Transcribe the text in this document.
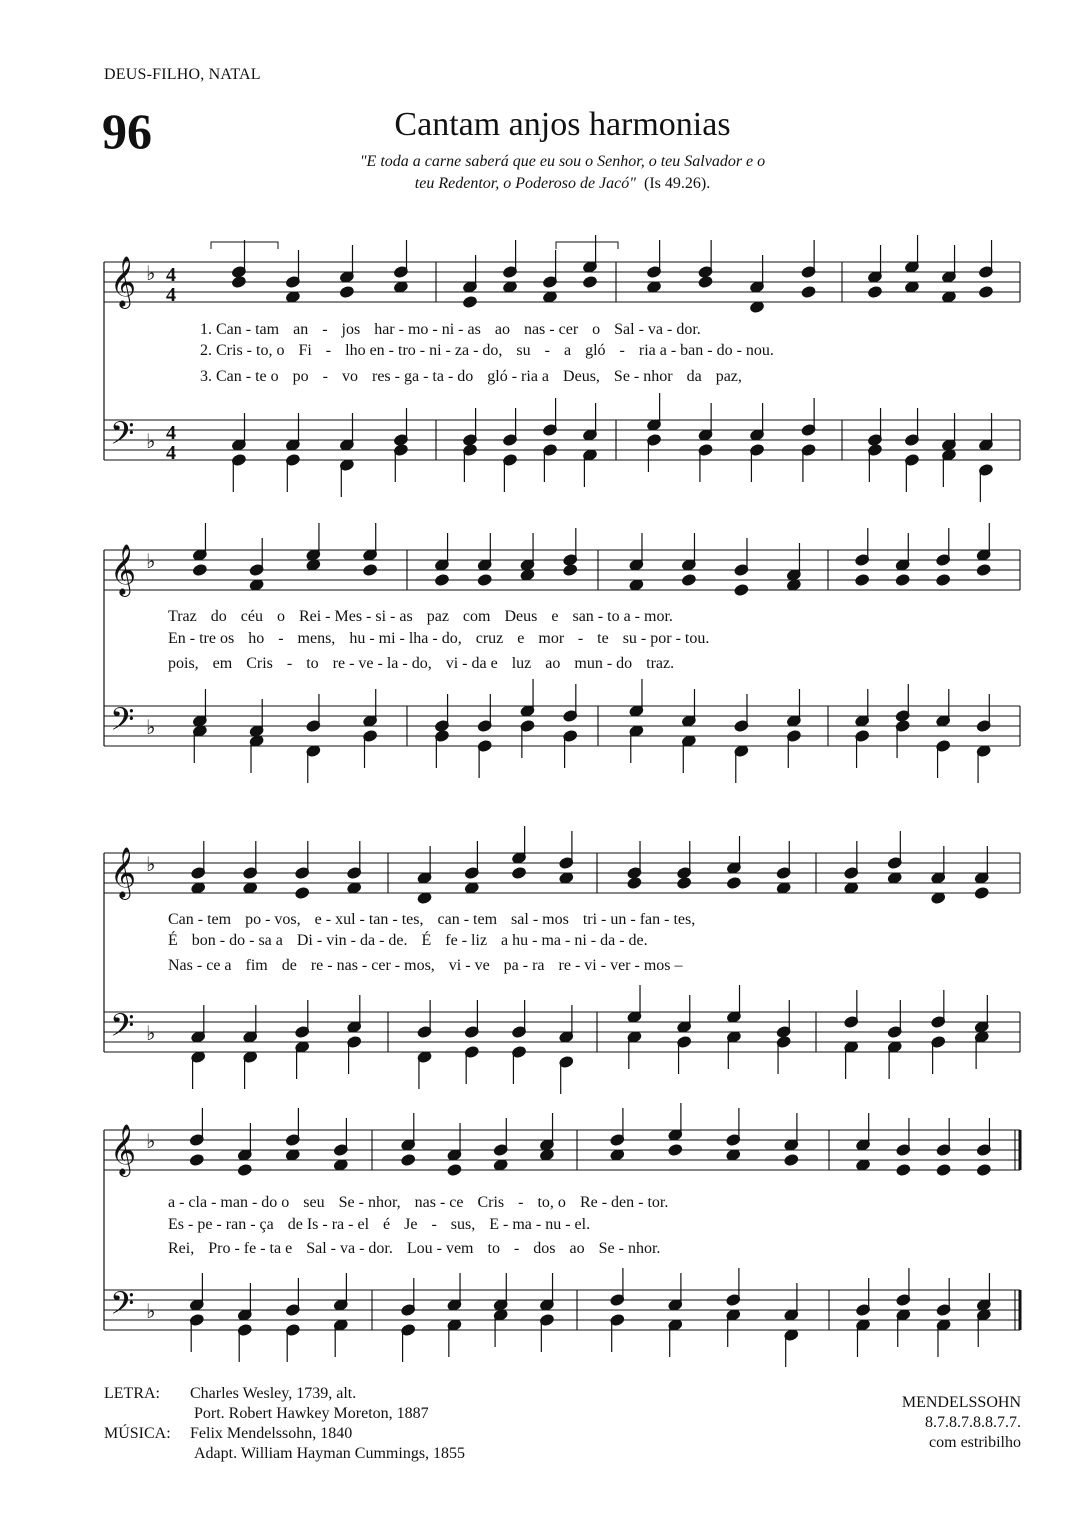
DEUS-FILHO, NATAL
96	Cantam anjos harmonias
"E toda a carne saberá que eu sou o Senhor, o teu Salvador e o
teu Redentor, o Poderoso de Jacó" (Is 49.26).
𝄞
𝄢
♭
♭
4
4
4
4
1. Can - tam an - jos har - mo - ni - as ao nas - cer o Sal - va - dor.
2. Cris - to, o Fi - lho en - tro - ni - za - do, su - a gló - ria a - ban - do - nou.
3. Can - te o po - vo res - ga - ta - do gló - ria a Deus, Se - nhor da paz,
𝄞
𝄢
♭
♭
Traz do céu o Rei - Mes - si - as paz com Deus e san - to a - mor.
En - tre os ho - mens, hu - mi - lha - do, cruz e mor - te su - por - tou.
pois, em Cris - to re - ve - la - do, vi - da e luz ao mun - do traz.
𝄞
𝄢
♭
♭
Can - tem po - vos, e - xul - tan - tes, can - tem sal - mos tri - un - fan - tes,
É bon - do - sa a Di - vin - da - de. É fe - liz a hu - ma - ni - da - de.
Nas - ce a fim de re - nas - cer - mos, vi - ve pa - ra re - vi - ver - mos –
𝄞
𝄢
♭
♭
a - cla - man - do o seu Se - nhor, nas - ce Cris - to, o Re - den - tor.
Es - pe - ran - ça de Is - ra - el é Je - sus, E - ma - nu - el.
Rei, Pro - fe - ta e Sal - va - dor. Lou - vem to - dos ao Se - nhor.
LETRA: Charles Wesley, 1739, alt.
Port. Robert Hawkey Moreton, 1887
MÚSICA: Felix Mendelssohn, 1840
Adapt. William Hayman Cummings, 1855
MENDELSSOHN
8.7.8.7.8.8.7.7.
com estribilho
